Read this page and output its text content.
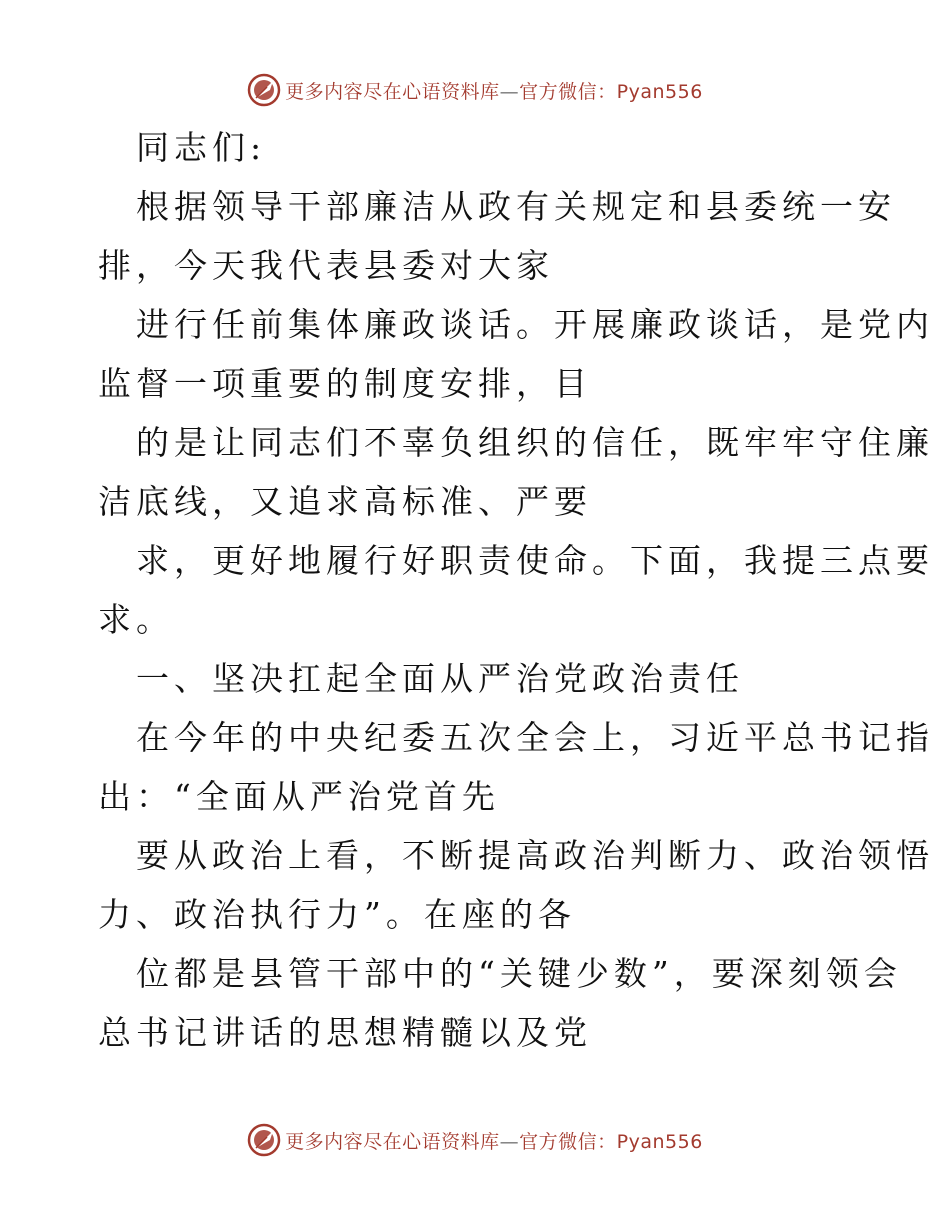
更多内容尽在心语资料库—官方微信：Pyan556
同志们:
根据领导干部廉洁从政有关规定和县委统一安
排，今天我代表县委对大家
进行任前集体廉政谈话。开展廉政谈话，是党内
监督一项重要的制度安排，目
的是让同志们不辜负组织的信任，既牢牢守住廉
洁底线，又追求高标准、严要
求，更好地履行好职责使命。下面，我提三点要
求。
一、坚决扛起全面从严治党政治责任
在今年的中央纪委五次全会上，习近平总书记指
出：“全面从严治党首先
要从政治上看，不断提高政治判断力、政治领悟
力、政治执行力”。在座的各
位都是县管干部中的“关键少数”，要深刻领会
总书记讲话的思想精髓以及党
更多内容尽在心语资料库—官方微信：Pyan556
